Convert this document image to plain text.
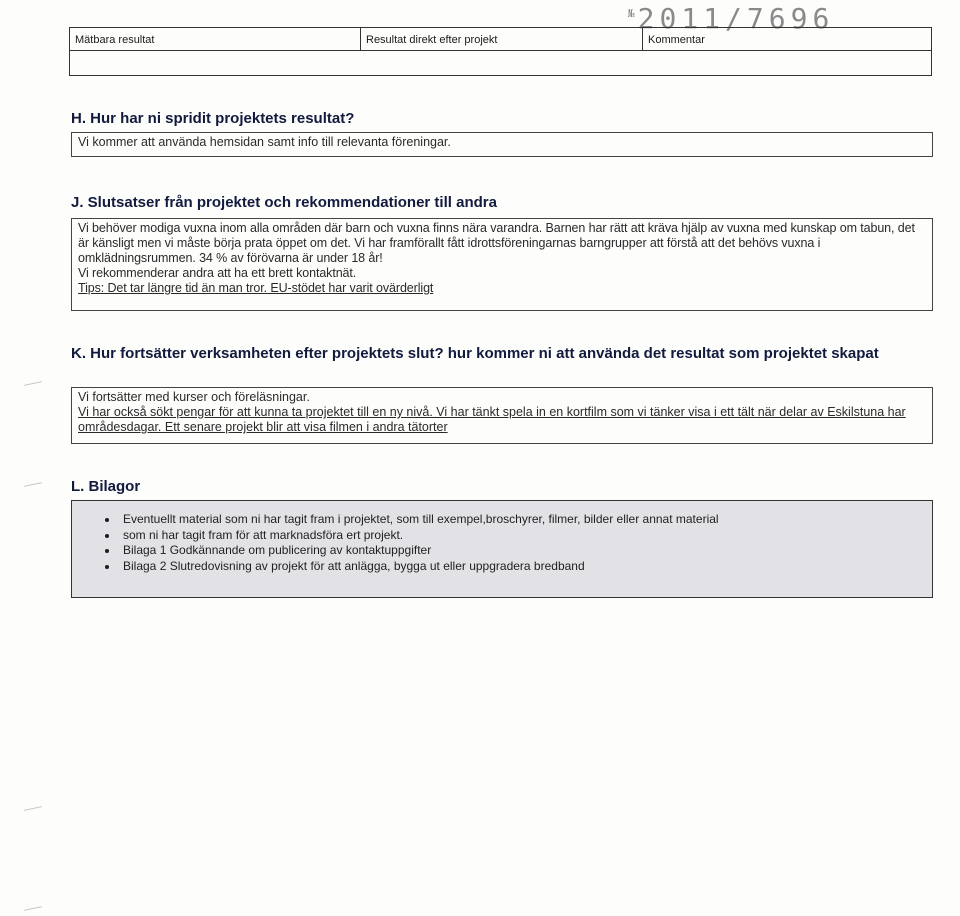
№ 2011/7696
Mätbara resultat	Resultat direkt efter projekt	Kommentar
H. Hur har ni spridit projektets resultat?

Vi kommer att använda hemsidan samt info till relevanta föreningar.

J. Slutsatser från projektet och rekommendationer till andra

Vi behöver modiga vuxna inom alla områden där barn och vuxna finns nära varandra. Barnen har rätt att kräva hjälp av vuxna med kunskap om tabun, det är känsligt men vi måste börja prata öppet om det. Vi har framförallt fått idrottsföreningarnas barngrupper att förstå att det behövs vuxna i omklädningsrummen. 34 % av förövarna är under 18 år!

Vi rekommenderar andra att ha ett brett kontaktnät.

Tips: Det tar längre tid än man tror. EU-stödet har varit ovärderligt

K. Hur fortsätter verksamheten efter projektets slut? hur kommer ni att använda det resultat som projektet skapat

Vi fortsätter med kurser och föreläsningar.

Vi har också sökt pengar för att kunna ta projektet till en ny nivå. Vi har tänkt spela in en kortfilm som vi tänker visa i ett tält när delar av Eskilstuna har områdesdagar. Ett senare projekt blir att visa filmen i andra tätorter

L. Bilagor
• Eventuellt material som ni har tagit fram i projektet, som till exempel,broschyrer, filmer, bilder eller annat material
• som ni har tagit fram för att marknadsföra ert projekt.
• Bilaga 1 Godkännande om publicering av kontaktuppgifter
• Bilaga 2 Slutredovisning av projekt för att anlägga, bygga ut eller uppgradera bredband
